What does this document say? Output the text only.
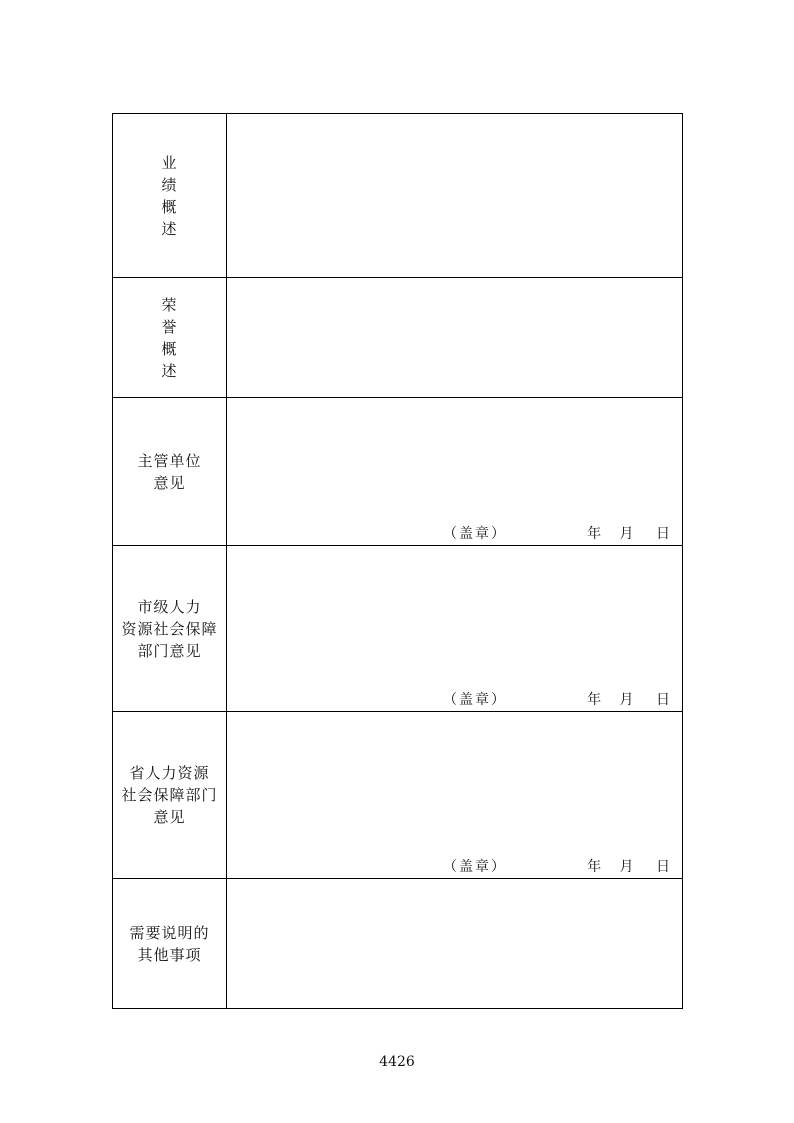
业
绩
概
述	

荣
誉
概
述	

主管单位
意见	（盖章） 年 月 日

市级人力
资源社会保障
部门意见	（盖章） 年 月 日

省人力资源
社会保障部门
意见	（盖章） 年 月 日

需要说明的
其他事项	

4426
